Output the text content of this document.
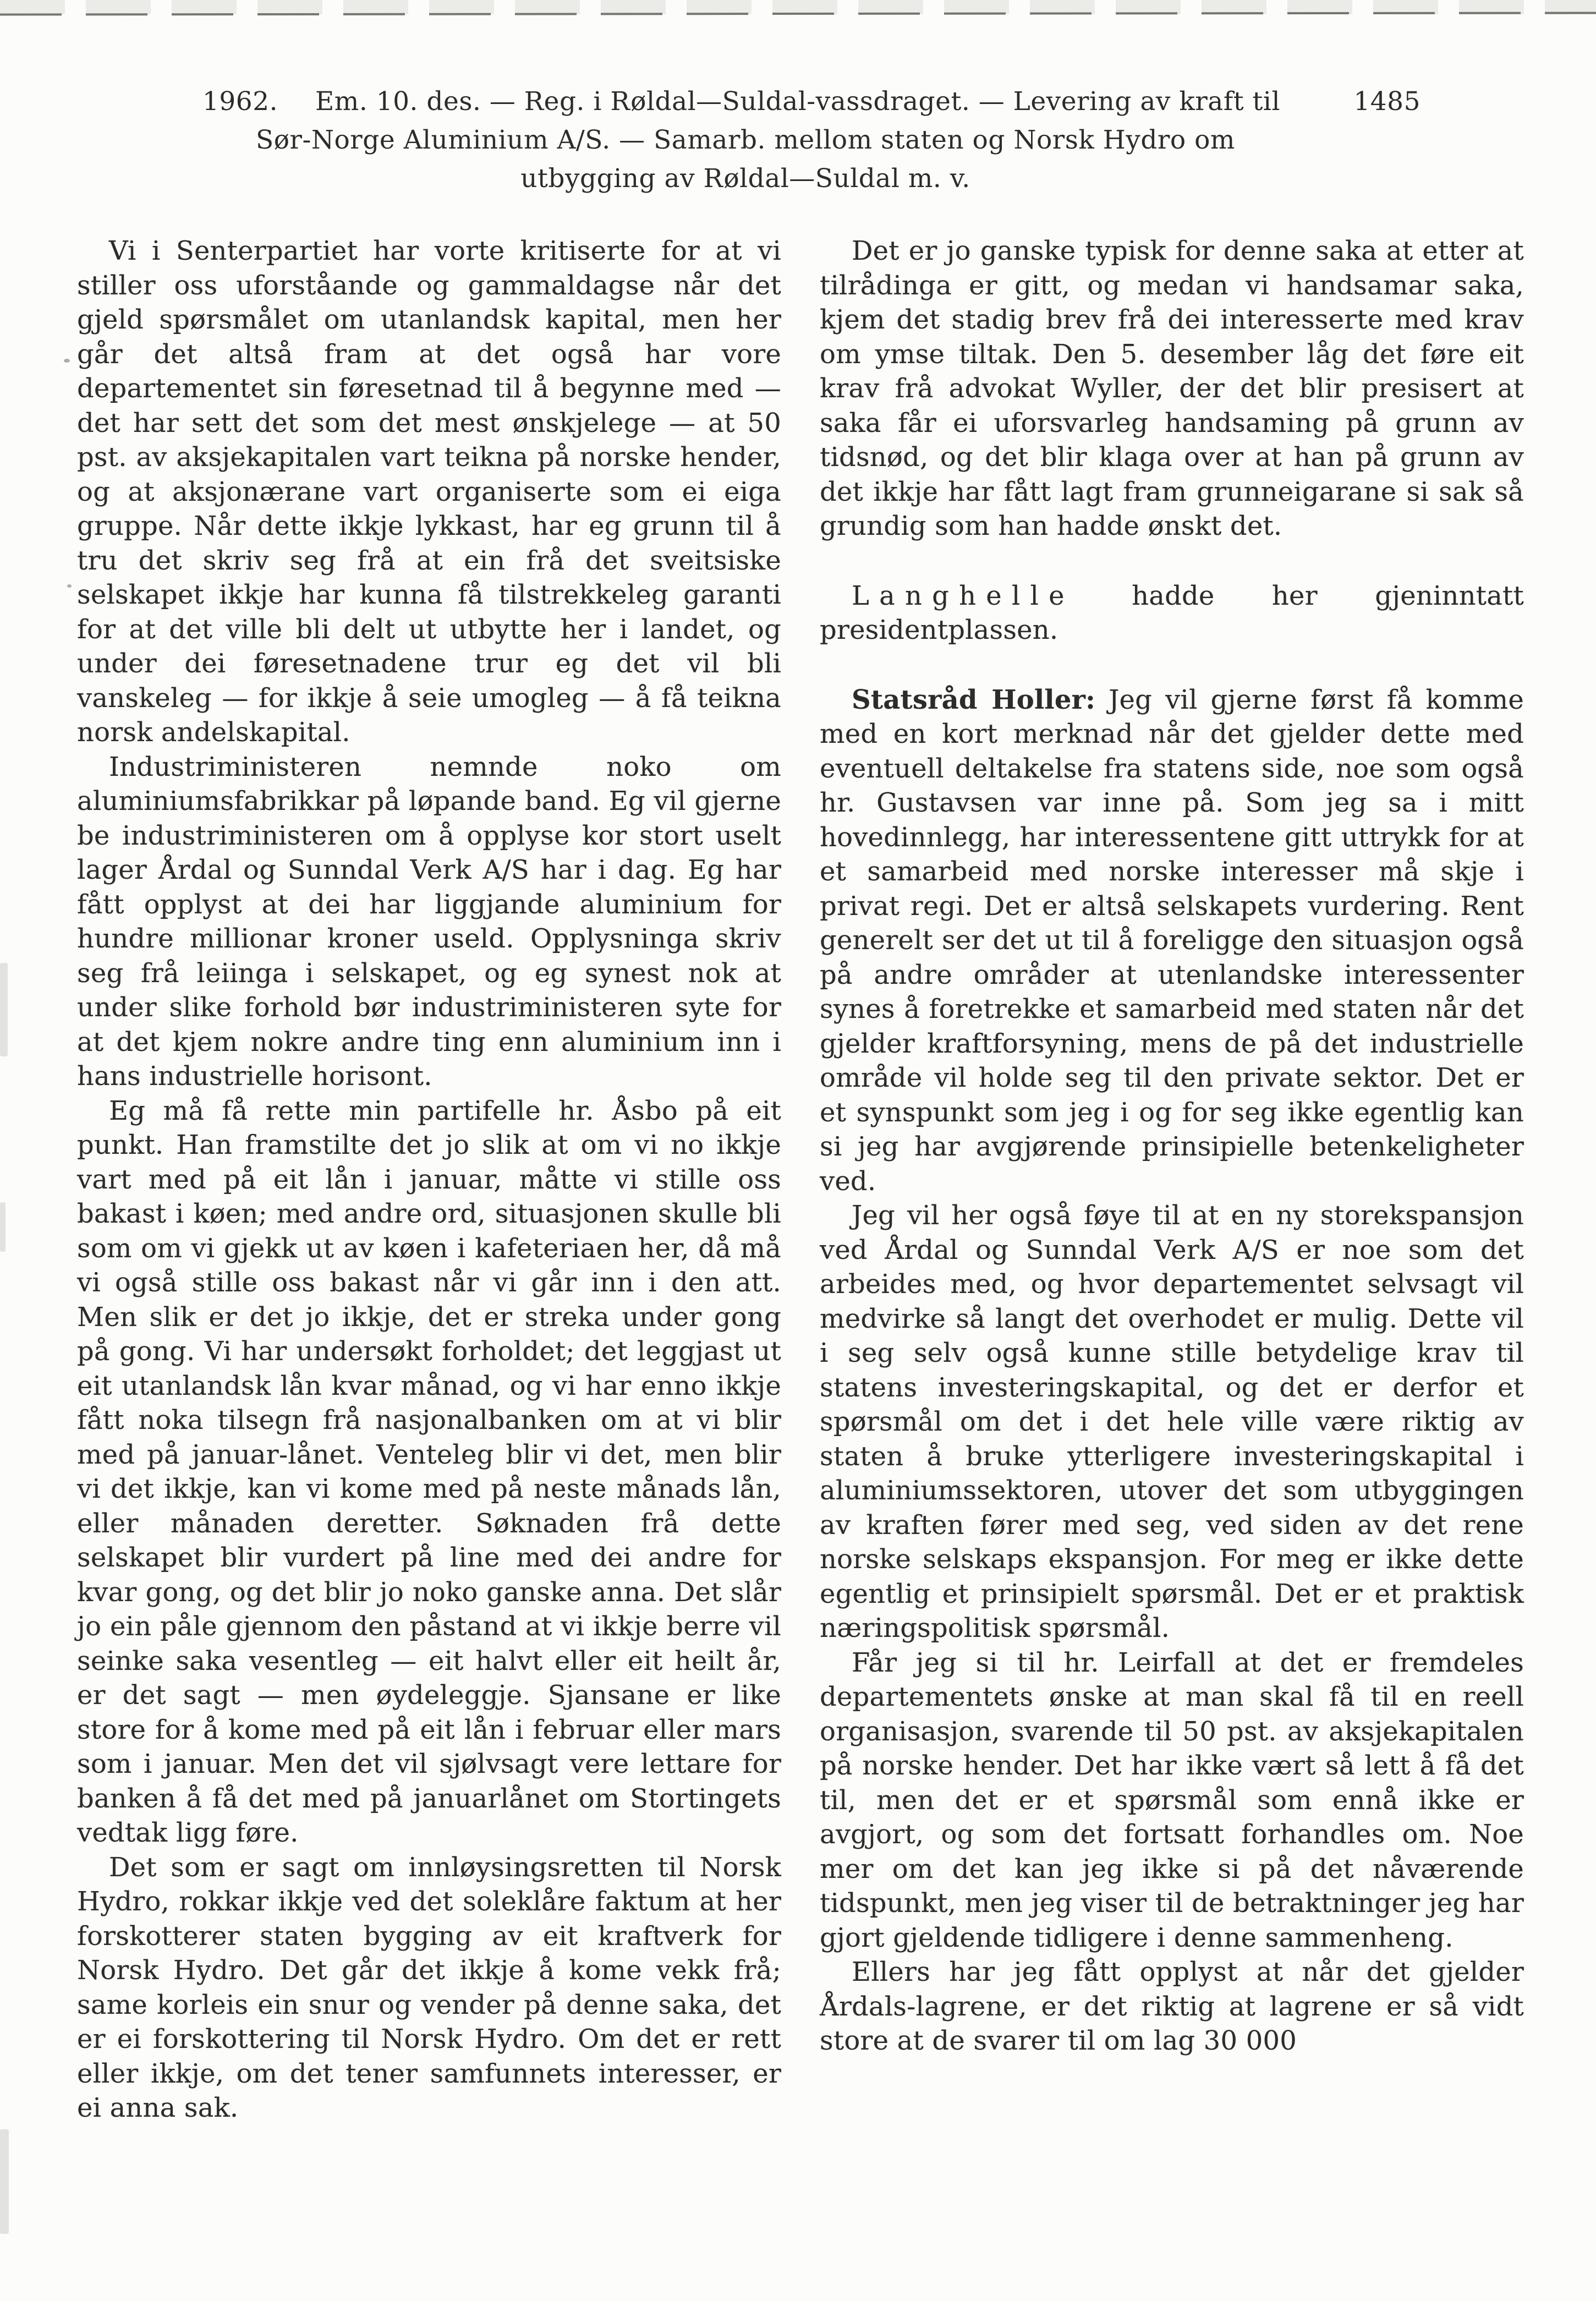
1962. Em. 10. des. — Reg. i Røldal—Suldal-vassdraget. — Levering av kraft til	1485
Sør-Norge Aluminium A/S. — Samarb. mellom staten og Norsk Hydro om
utbygging av Røldal—Suldal m. v.

Vi i Senterpartiet har vorte kritiserte for at vi stiller oss uforståande og gammaldagse når det gjeld spørsmålet om utanlandsk kapital, men her går det altså fram at det også har vore departementet sin føresetnad til å begynne med — det har sett det som det mest ønskjelege — at 50 pst. av aksjekapitalen vart teikna på norske hender, og at aksjonærane vart organiserte som ei eiga gruppe. Når dette ikkje lykkast, har eg grunn til å tru det skriv seg frå at ein frå det sveitsiske selskapet ikkje har kunna få tilstrekkeleg garanti for at det ville bli delt ut utbytte her i landet, og under dei føresetnadene trur eg det vil bli vanskeleg — for ikkje å seie umogleg — å få teikna norsk andelskapital.

Industriministeren nemnde noko om aluminiumsfabrikkar på løpande band. Eg vil gjerne be industriministeren om å opplyse kor stort uselt lager Årdal og Sunndal Verk A/S har i dag. Eg har fått opplyst at dei har liggjande aluminium for hundre millionar kroner useld. Opplysninga skriv seg frå leiinga i selskapet, og eg synest nok at under slike forhold bør industriministeren syte for at det kjem nokre andre ting enn aluminium inn i hans industrielle horisont.

Eg må få rette min partifelle hr. Åsbo på eit punkt. Han framstilte det jo slik at om vi no ikkje vart med på eit lån i januar, måtte vi stille oss bakast i køen; med andre ord, situasjonen skulle bli som om vi gjekk ut av køen i kafeteriaen her, då må vi også stille oss bakast når vi går inn i den att. Men slik er det jo ikkje, det er streka under gong på gong. Vi har undersøkt forholdet; det leggjast ut eit utanlandsk lån kvar månad, og vi har enno ikkje fått noka tilsegn frå nasjonalbanken om at vi blir med på januar-lånet. Venteleg blir vi det, men blir vi det ikkje, kan vi kome med på neste månads lån, eller månaden deretter. Søknaden frå dette selskapet blir vurdert på line med dei andre for kvar gong, og det blir jo noko ganske anna. Det slår jo ein påle gjennom den påstand at vi ikkje berre vil seinke saka vesentleg — eit halvt eller eit heilt år, er det sagt — men øydeleggje. Sjansane er like store for å kome med på eit lån i februar eller mars som i januar. Men det vil sjølvsagt vere lettare for banken å få det med på januarlånet om Stortingets vedtak ligg føre.

Det som er sagt om innløysingsretten til Norsk Hydro, rokkar ikkje ved det soleklåre faktum at her forskotterer staten bygging av eit kraftverk for Norsk Hydro. Det går det ikkje å kome vekk frå; same korleis ein snur og vender på denne saka, det er ei forskottering til Norsk Hydro. Om det er rett eller ikkje, om det tener samfunnets interesser, er ei anna sak.

Det er jo ganske typisk for denne saka at etter at tilrådinga er gitt, og medan vi handsamar saka, kjem det stadig brev frå dei interesserte med krav om ymse tiltak. Den 5. desember låg det føre eit krav frå advokat Wyller, der det blir presisert at saka får ei uforsvarleg handsaming på grunn av tidsnød, og det blir klaga over at han på grunn av det ikkje har fått lagt fram grunneigarane si sak så grundig som han hadde ønskt det.

Langhelle hadde her gjeninntatt presidentplassen.

Statsråd Holler: Jeg vil gjerne først få komme med en kort merknad når det gjelder dette med eventuell deltakelse fra statens side, noe som også hr. Gustavsen var inne på. Som jeg sa i mitt hovedinnlegg, har interessentene gitt uttrykk for at et samarbeid med norske interesser må skje i privat regi. Det er altså selskapets vurdering. Rent generelt ser det ut til å foreligge den situasjon også på andre områder at utenlandske interessenter synes å foretrekke et samarbeid med staten når det gjelder kraftforsyning, mens de på det industrielle område vil holde seg til den private sektor. Det er et synspunkt som jeg i og for seg ikke egentlig kan si jeg har avgjørende prinsipielle betenkeligheter ved.

Jeg vil her også føye til at en ny storekspansjon ved Årdal og Sunndal Verk A/S er noe som det arbeides med, og hvor departementet selvsagt vil medvirke så langt det overhodet er mulig. Dette vil i seg selv også kunne stille betydelige krav til statens investeringskapital, og det er derfor et spørsmål om det i det hele ville være riktig av staten å bruke ytterligere investeringskapital i aluminiumssektoren, utover det som utbyggingen av kraften fører med seg, ved siden av det rene norske selskaps ekspansjon. For meg er ikke dette egentlig et prinsipielt spørsmål. Det er et praktisk næringspolitisk spørsmål.

Får jeg si til hr. Leirfall at det er fremdeles departementets ønske at man skal få til en reell organisasjon, svarende til 50 pst. av aksjekapitalen på norske hender. Det har ikke vært så lett å få det til, men det er et spørsmål som ennå ikke er avgjort, og som det fortsatt forhandles om. Noe mer om det kan jeg ikke si på det nåværende tidspunkt, men jeg viser til de betraktninger jeg har gjort gjeldende tidligere i denne sammenheng.

Ellers har jeg fått opplyst at når det gjelder Årdals-lagrene, er det riktig at lagrene er så vidt store at de svarer til om lag 30 000
